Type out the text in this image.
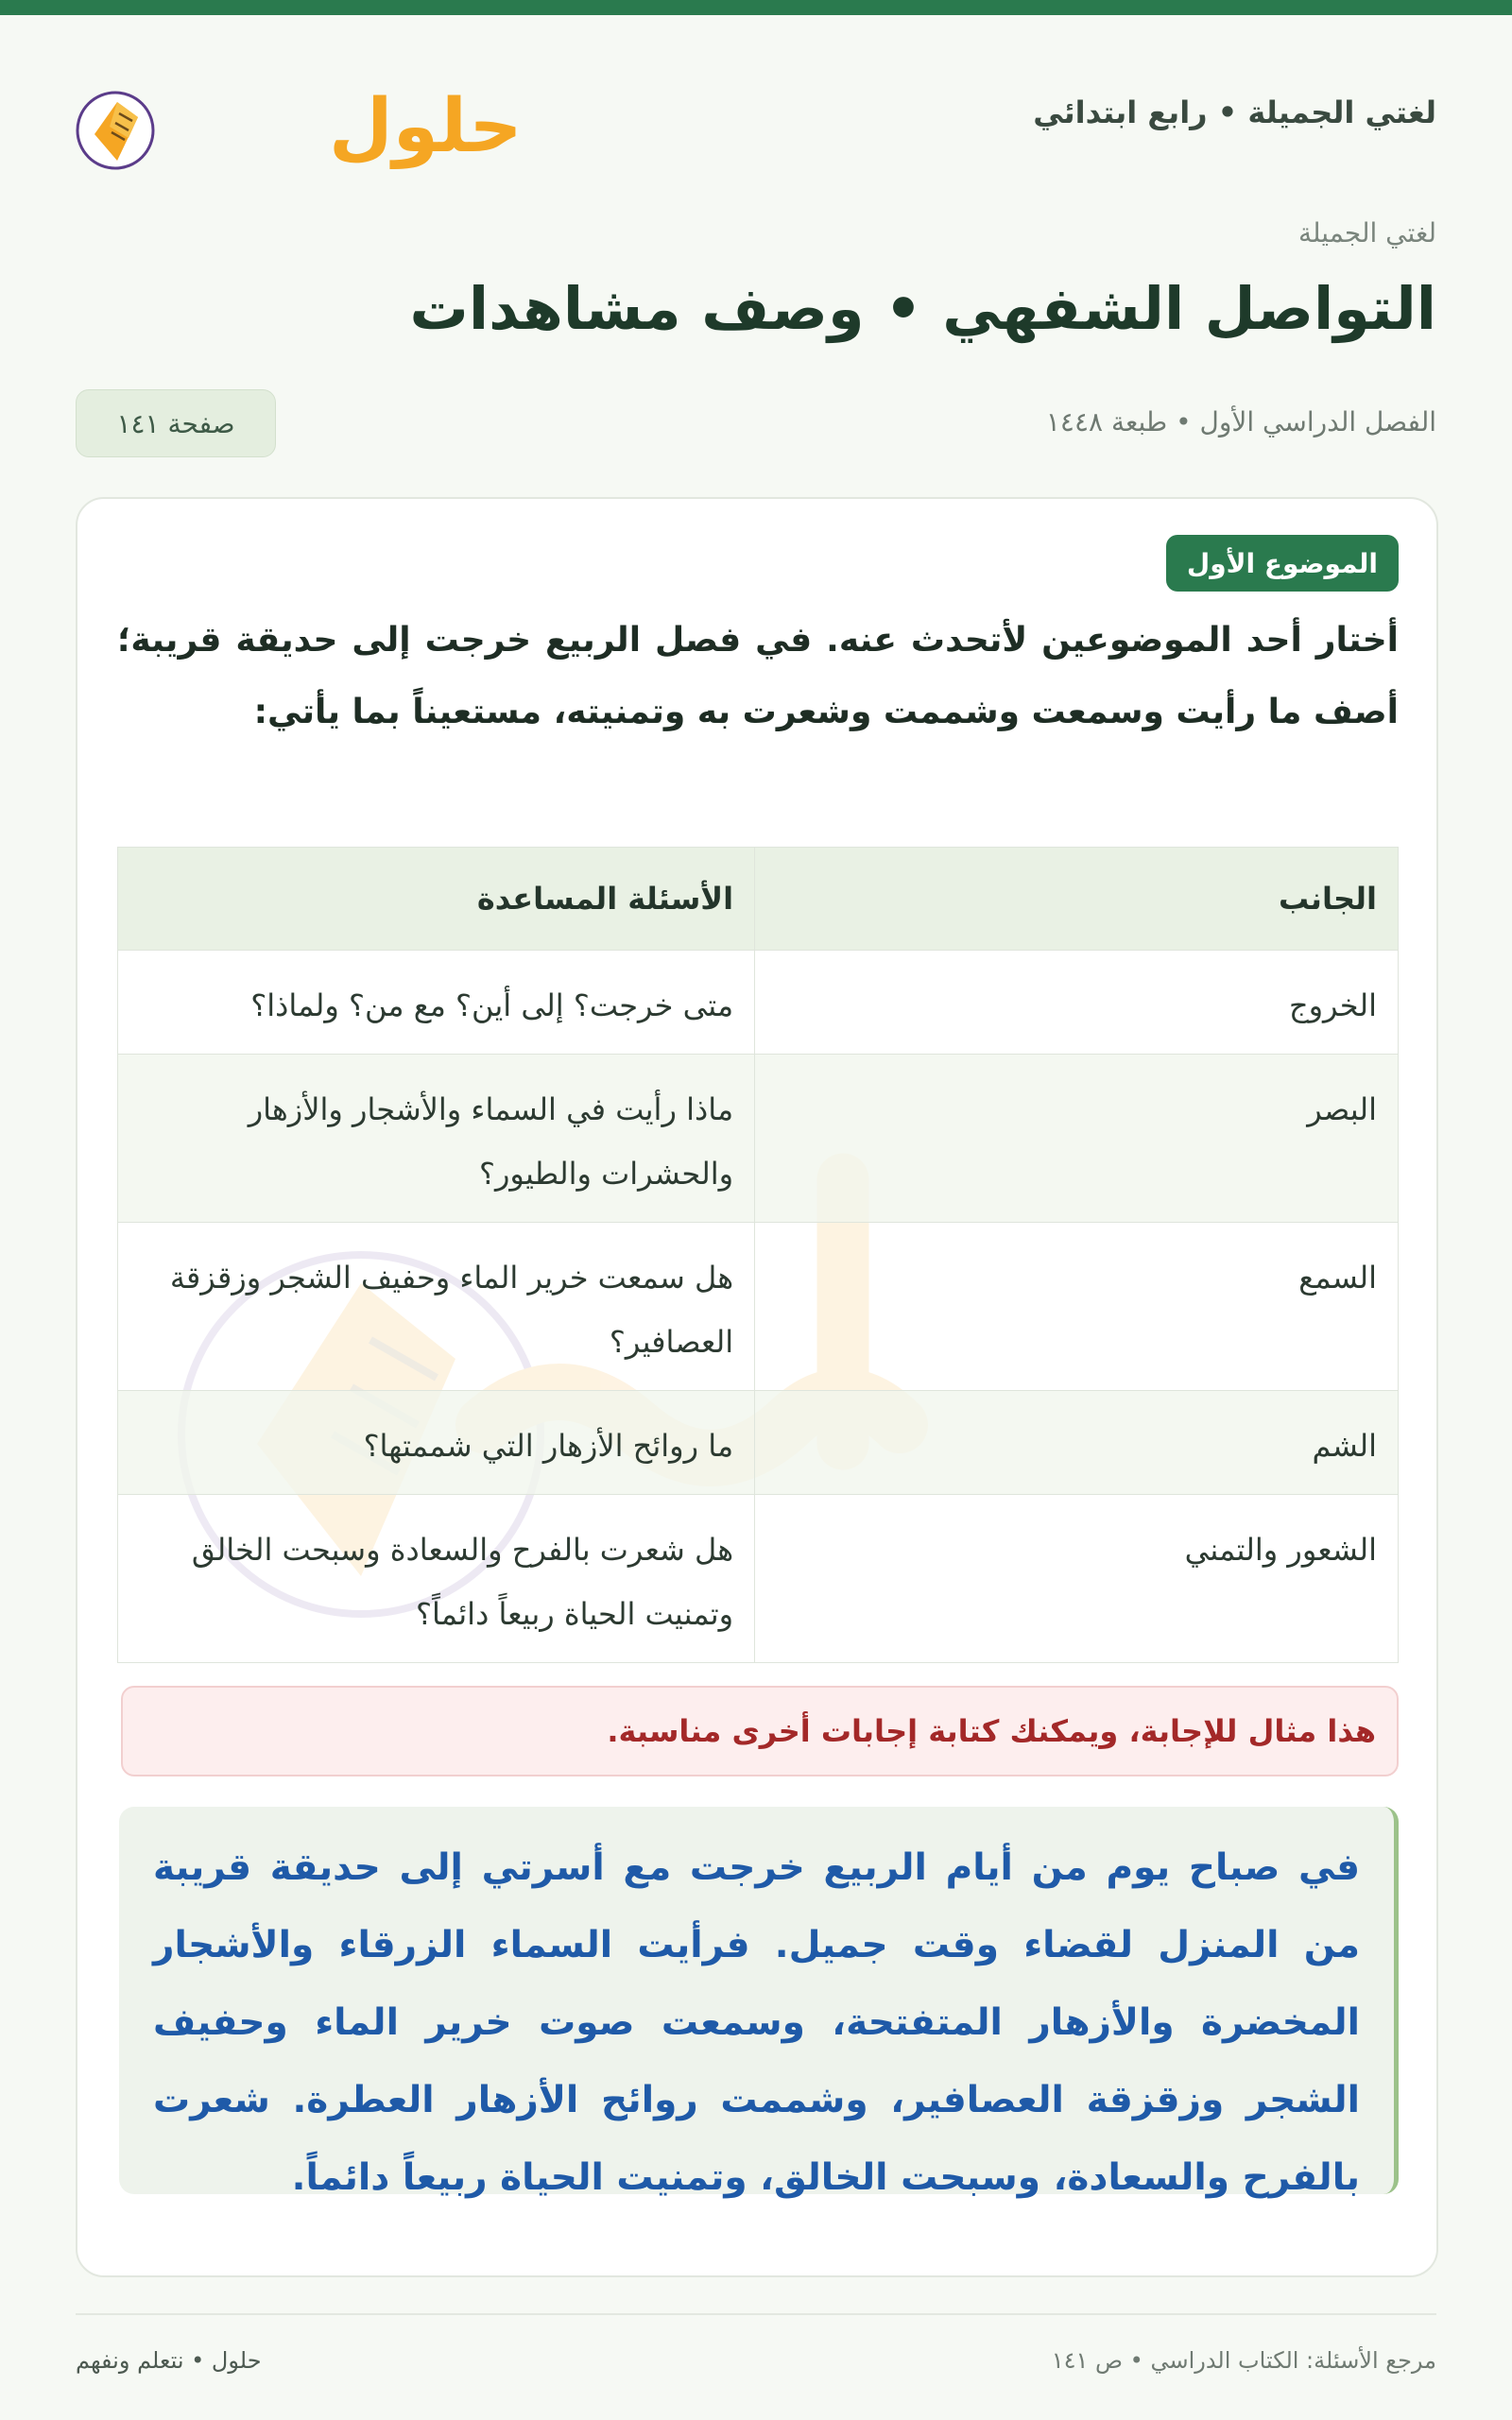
لغتي الجميلة • رابع ابتدائي
حلول
لغتي الجميلة
التواصل الشفهي • وصف مشاهدات
الفصل الدراسي الأول • طبعة ١٤٤٨
صفحة ١٤١
الموضوع الأول
أختار أحد الموضوعين لأتحدث عنه. في فصل الربيع خرجت إلى حديقة قريبة؛ أصف ما رأيت وسمعت وشممت وشعرت به وتمنيته، مستعيناً بما يأتي:
الجانب	الأسئلة المساعدة
الخروج	متى خرجت؟ إلى أين؟ مع من؟ ولماذا؟
البصر	ماذا رأيت في السماء والأشجار والأزهار والحشرات والطيور؟
السمع	هل سمعت خرير الماء وحفيف الشجر وزقزقة العصافير؟
الشم	ما روائح الأزهار التي شممتها؟
الشعور والتمني	هل شعرت بالفرح والسعادة وسبحت الخالق وتمنيت الحياة ربيعاً دائماً؟
هذا مثال للإجابة، ويمكنك كتابة إجابات أخرى مناسبة.
في صباح يوم من أيام الربيع خرجت مع أسرتي إلى حديقة قريبة من المنزل لقضاء وقت جميل. فرأيت السماء الزرقاء والأشجار المخضرة والأزهار المتفتحة، وسمعت صوت خرير الماء وحفيف الشجر وزقزقة العصافير، وشممت روائح الأزهار العطرة. شعرت بالفرح والسعادة، وسبحت الخالق، وتمنيت الحياة ربيعاً دائماً.
مرجع الأسئلة: الكتاب الدراسي • ص ١٤١
حلول • نتعلم ونفهم
